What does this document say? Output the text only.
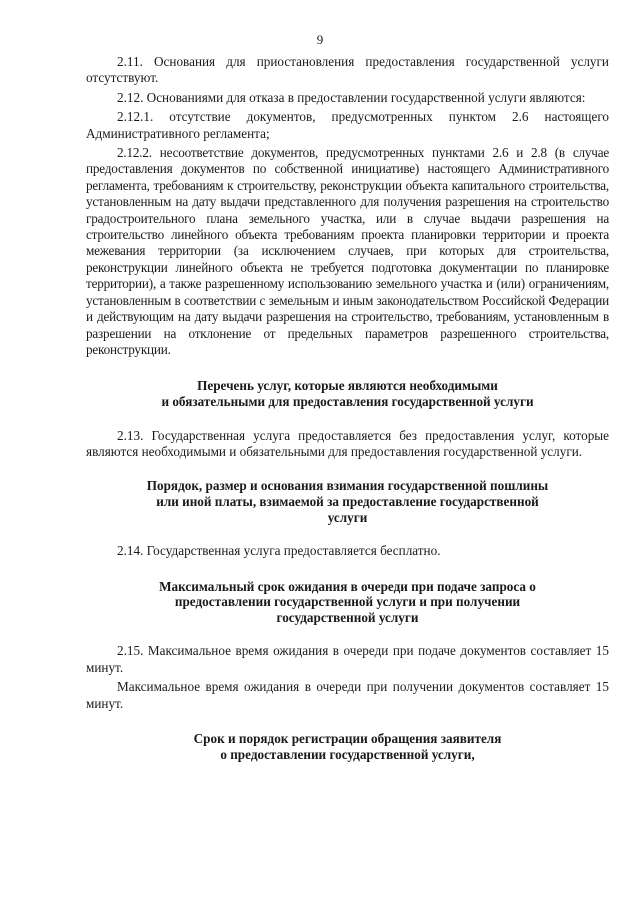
9

2.11. Основания для приостановления предоставления государственной услуги отсутствуют.

2.12. Основаниями для отказа в предоставлении государственной услуги являются:

2.12.1. отсутствие документов, предусмотренных пунктом 2.6 настоящего Административного регламента;

2.12.2. несоответствие документов, предусмотренных пунктами 2.6 и 2.8 (в случае предоставления документов по собственной инициативе) настоящего Административного регламента, требованиям к строительству, реконструкции объекта капитального строительства, установленным на дату выдачи представленного для получения разрешения на строительство градостроительного плана земельного участка, или в случае выдачи разрешения на строительство линейного объекта требованиям проекта планировки территории и проекта межевания территории (за исключением случаев, при которых для строительства, реконструкции линейного объекта не требуется подготовка документации по планировке территории), а также разрешенному использованию земельного участка и (или) ограничениям, установленным в соответствии с земельным и иным законодательством Российской Федерации и действующим на дату выдачи разрешения на строительство, требованиям, установленным в разрешении на отклонение от предельных параметров разрешенного строительства, реконструкции.

Перечень услуг, которые являются необходимыми
и обязательными для предоставления государственной услуги

2.13. Государственная услуга предоставляется без предоставления услуг, которые являются необходимыми и обязательными для предоставления государственной услуги.

Порядок, размер и основания взимания государственной пошлины
или иной платы, взимаемой за предоставление государственной
услуги

2.14. Государственная услуга предоставляется бесплатно.

Максимальный срок ожидания в очереди при подаче запроса о
предоставлении государственной услуги и при получении
государственной услуги

2.15. Максимальное время ожидания в очереди при подаче документов составляет 15 минут.

Максимальное время ожидания в очереди при получении документов составляет 15 минут.

Срок и порядок регистрации обращения заявителя
о предоставлении государственной услуги,
